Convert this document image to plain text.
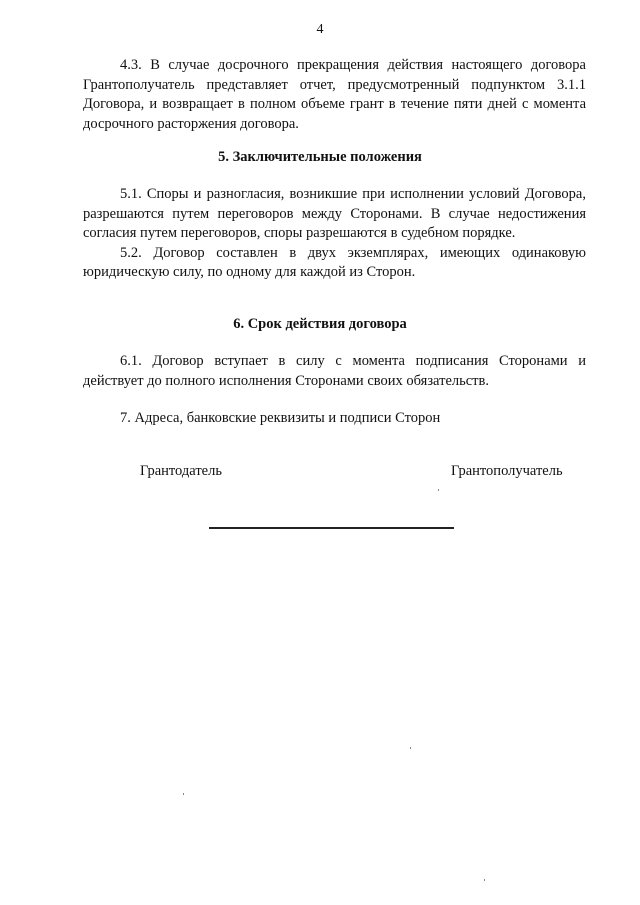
4

4.3. В случае досрочного прекращения действия настоящего договора Грантополучатель представляет отчет, предусмотренный подпунктом 3.1.1 Договора, и возвращает в полном объеме грант в течение пяти дней с момента досрочного расторжения договора.

5. Заключительные положения

5.1. Споры и разногласия, возникшие при исполнении условий Договора, разрешаются путем переговоров между Сторонами. В случае недостижения согласия путем переговоров, споры разрешаются в судебном порядке.

5.2. Договор составлен в двух экземплярах, имеющих одинаковую юридическую силу, по одному для каждой из Сторон.

6. Срок действия договора

6.1. Договор вступает в силу с момента подписания Сторонами и действует до полного исполнения Сторонами своих обязательств.

7. Адреса, банковские реквизиты и подписи Сторон

Грантодатель	Грантополучатель
